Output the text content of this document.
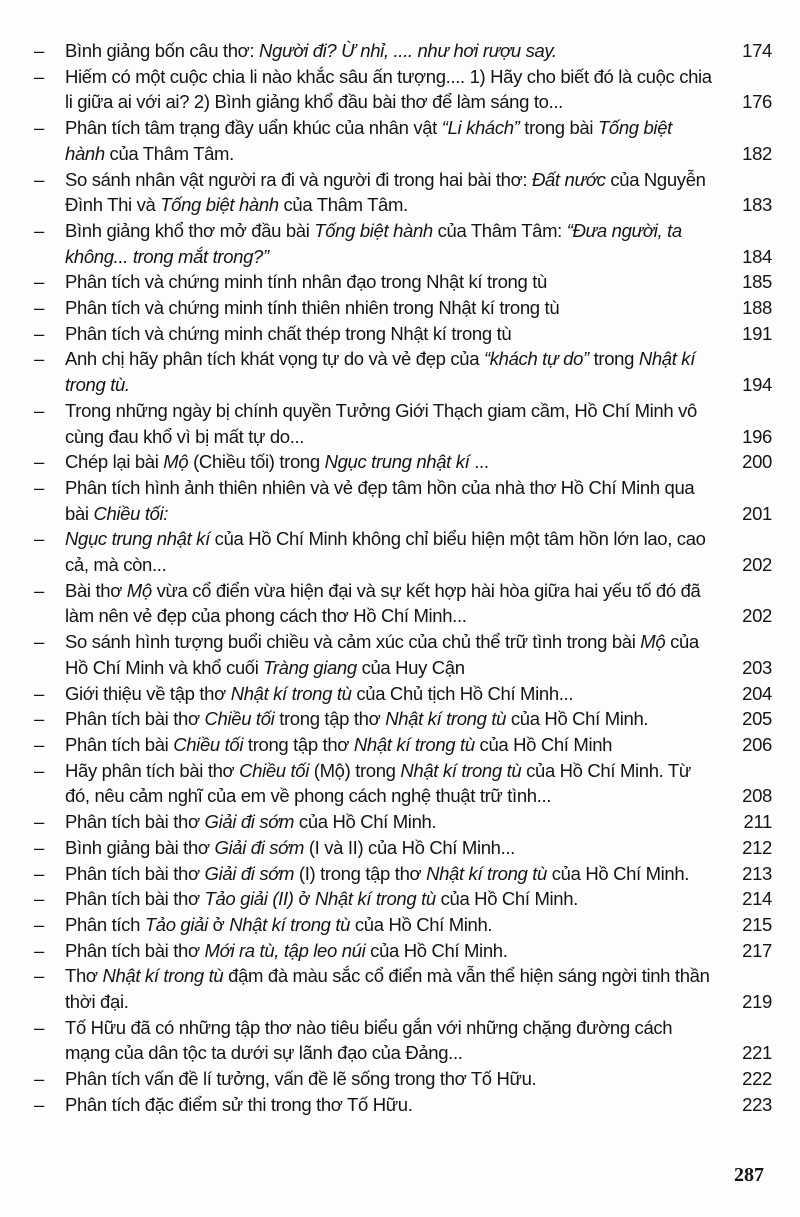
–	Bình giảng bốn câu thơ: Người đi? Ừ nhỉ, .... như hơi rượu say.	174
–	Hiếm có một cuộc chia li nào khắc sâu ấn tượng.... 1) Hãy cho biết đó là cuộc chia li giữa ai với ai? 2) Bình giảng khổ đầu bài thơ để làm sáng to...	176
–	Phân tích tâm trạng đầy uẩn khúc của nhân vật “Li khách” trong bài Tống biệt hành của Thâm Tâm.	182
–	So sánh nhân vật người ra đi và người đi trong hai bài thơ: Đất nước của Nguyễn Đình Thi và Tống biệt hành của Thâm Tâm.	183
–	Bình giảng khổ thơ mở đầu bài Tống biệt hành của Thâm Tâm: “Đưa người, ta không... trong mắt trong?”	184
–	Phân tích và chứng minh tính nhân đạo trong Nhật kí trong tù	185
–	Phân tích và chứng minh tính thiên nhiên trong Nhật kí trong tù	188
–	Phân tích và chứng minh chất thép trong Nhật kí trong tù	191
–	Anh chị hãy phân tích khát vọng tự do và vẻ đẹp của “khách tự do” trong Nhật kí trong tù.	194
–	Trong những ngày bị chính quyền Tưởng Giới Thạch giam cầm, Hồ Chí Minh vô cùng đau khổ vì bị mất tự do...	196
–	Chép lại bài Mộ (Chiều tối) trong Ngục trung nhật kí ...	200
–	Phân tích hình ảnh thiên nhiên và vẻ đẹp tâm hồn của nhà thơ Hồ Chí Minh qua bài Chiều tối:	201
–	Ngục trung nhật kí của Hồ Chí Minh không chỉ biểu hiện một tâm hồn lớn lao, cao cả, mà còn...	202
–	Bài thơ Mộ vừa cổ điển vừa hiện đại và sự kết hợp hài hòa giữa hai yếu tố đó đã làm nên vẻ đẹp của phong cách thơ Hồ Chí Minh...	202
–	So sánh hình tượng buổi chiều và cảm xúc của chủ thể trữ tình trong bài Mộ của Hồ Chí Minh và khổ cuối Tràng giang của Huy Cận	203
–	Giới thiệu về tập thơ Nhật kí trong tù của Chủ tịch Hồ Chí Minh...	204
–	Phân tích bài thơ Chiều tối trong tập thơ Nhật kí trong tù của Hồ Chí Minh.	205
–	Phân tích bài Chiều tối trong tập thơ Nhật kí trong tù của Hồ Chí Minh	206
–	Hãy phân tích bài thơ Chiều tối (Mộ) trong Nhật kí trong tù của Hồ Chí Minh. Từ đó, nêu cảm nghĩ của em về phong cách nghệ thuật trữ tình...	208
–	Phân tích bài thơ Giải đi sớm của Hồ Chí Minh.	211
–	Bình giảng bài thơ Giải đi sớm (I và II) của Hồ Chí Minh...	212
–	Phân tích bài thơ Giải đi sớm (I) trong tập thơ Nhật kí trong tù của Hồ Chí Minh.	213
–	Phân tích bài thơ Tảo giải (II) ở Nhật kí trong tù của Hồ Chí Minh.	214
–	Phân tích Tảo giải ở Nhật kí trong tù của Hồ Chí Minh.	215
–	Phân tích bài thơ Mới ra tù, tập leo núi của Hồ Chí Minh.	217
–	Thơ Nhật kí trong tù đậm đà màu sắc cổ điển mà vẫn thể hiện sáng ngời tinh thần thời đại.	219
–	Tố Hữu đã có những tập thơ nào tiêu biểu gắn với những chặng đường cách mạng của dân tộc ta dưới sự lãnh đạo của Đảng...	221
–	Phân tích vấn đề lí tưởng, vấn đề lẽ sống trong thơ Tố Hữu.	222
–	Phân tích đặc điểm sử thi trong thơ Tố Hữu.	223
287
